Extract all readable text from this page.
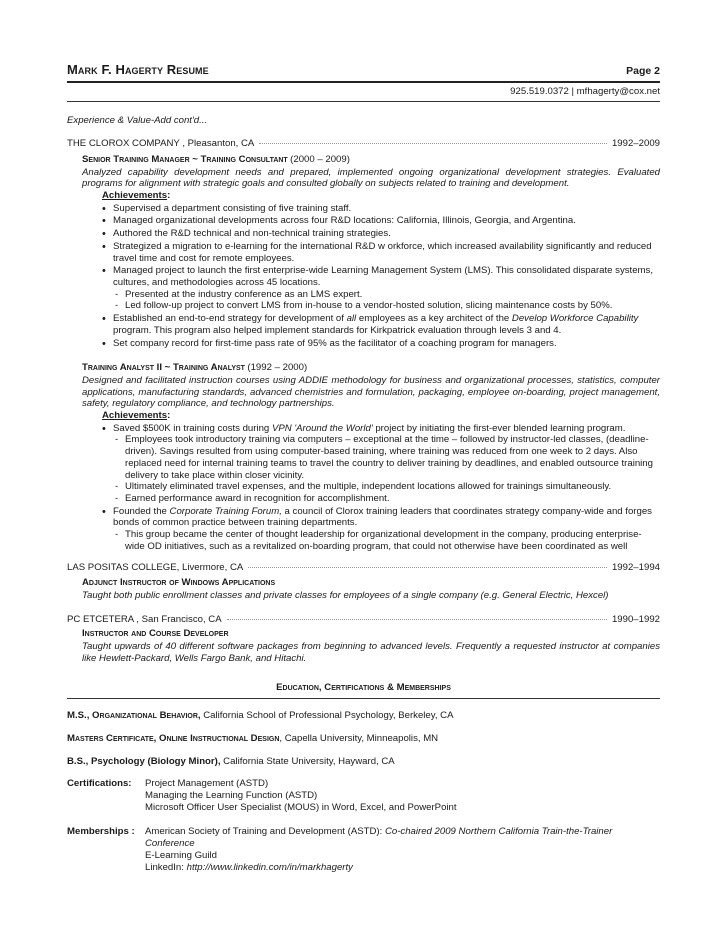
Mark F. Hagerty Resume	Page 2
925.519.0372 | mfhagerty@cox.net
Experience & Value-Add cont'd...
THE CLOROX COMPANY , Pleasanton, CA	1992–2009
Senior Training Manager ~ Training Consultant (2000 – 2009)
Analyzed capability development needs and prepared, implemented ongoing organizational development strategies. Evaluated programs for alignment with strategic goals and consulted globally on subjects related to training and development.
Achievements:
• Supervised a department consisting of five training staff.
• Managed organizational developments across four R&D locations: California, Illinois, Georgia, and Argentina.
• Authored the R&D technical and non-technical training strategies.
• Strategized a migration to e-learning for the international R&D w orkforce, which increased availability significantly and reduced travel time and cost for remote employees.
• Managed project to launch the first enterprise-wide Learning Management System (LMS). This consolidated disparate systems, cultures, and methodologies across 45 locations.
- Presented at the industry conference as an LMS expert.
- Led follow-up project to convert LMS from in-house to a vendor-hosted solution, slicing maintenance costs by 50%.
• Established an end-to-end strategy for development of all employees as a key architect of the Develop Workforce Capability program. This program also helped implement standards for Kirkpatrick evaluation through levels 3 and 4.
• Set company record for first-time pass rate of 95% as the facilitator of a coaching program for managers.
Training Analyst II ~ Training Analyst (1992 – 2000)
Designed and facilitated instruction courses using ADDIE methodology for business and organizational processes, statistics, computer applications, manufacturing standards, advanced chemistries and formulation, packaging, employee on-boarding, project management, safety, regulatory compliance, and technology partnerships.
Achievements:
• Saved $500K in training costs during VPN 'Around the World' project by initiating the first-ever blended learning program.
- Employees took introductory training via computers – exceptional at the time – followed by instructor-led classes, (deadline-driven). Savings resulted from using computer-based training, where training was reduced from one week to 2 days. Also replaced need for internal training teams to travel the country to deliver training by deadlines, and enabled outsource training delivery to take place within closer vicinity.
- Ultimately eliminated travel expenses, and the multiple, independent locations allowed for trainings simultaneously.
- Earned performance award in recognition for accomplishment.
• Founded the Corporate Training Forum, a council of Clorox training leaders that coordinates strategy company-wide and forges bonds of common practice between training departments.
- This group became the center of thought leadership for organizational development in the company, producing enterprise-wide OD initiatives, such as a revitalized on-boarding program, that could not otherwise have been coordinated as well
LAS POSITAS COLLEGE, Livermore, CA	1992–1994
Adjunct Instructor of Windows Applications
Taught both public enrollment classes and private classes for employees of a single company (e.g. General Electric, Hexcel)
PC ETCETERA , San Francisco, CA	1990–1992
Instructor and Course Developer
Taught upwards of 40 different software packages from beginning to advanced levels. Frequently a requested instructor at companies like Hewlett-Packard, Wells Fargo Bank, and Hitachi.
Education, Certifications & Memberships
M.S., Organizational Behavior, California School of Professional Psychology, Berkeley, CA
Masters Certificate, Online Instructional Design, Capella University, Minneapolis, MN
B.S., Psychology (Biology Minor), California State University, Hayward, CA
Certifications:	Project Management (ASTD)
Managing the Learning Function (ASTD)
Microsoft Officer User Specialist (MOUS) in Word, Excel, and PowerPoint
Memberships :	American Society of Training and Development (ASTD): Co-chaired 2009 Northern California Train-the-Trainer Conference
E-Learning Guild
LinkedIn: http://www.linkedin.com/in/markhagerty
